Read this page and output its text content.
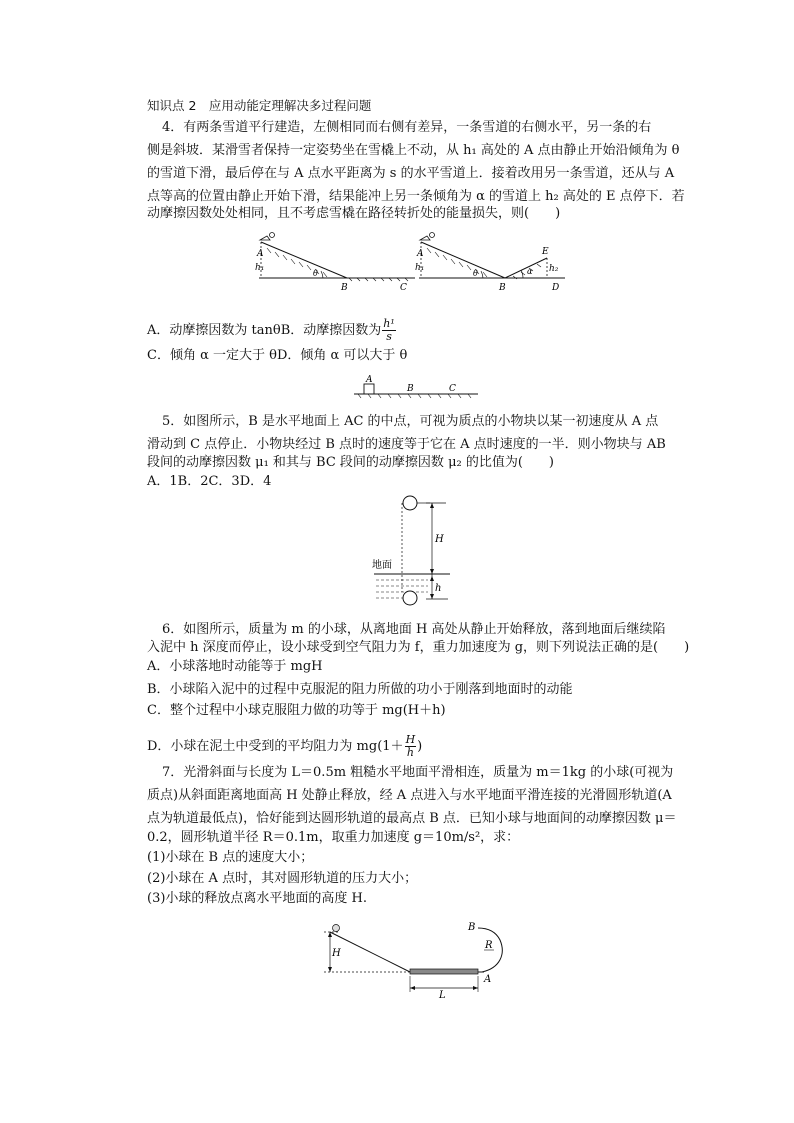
知识点 2　应用动能定理解决多过程问题
4．有两条雪道平行建造，左侧相同而右侧有差异，一条雪道的右侧水平，另一条的右
侧是斜坡．某滑雪者保持一定姿势坐在雪橇上不动，从 h₁ 高处的 A 点由静止开始沿倾角为 θ
的雪道下滑，最后停在与 A 点水平距离为 s 的水平雪道上．接着改用另一条雪道，还从与 A
点等高的位置由静止开始下滑，结果能冲上另一条倾角为 α 的雪道上 h₂ 高处的 E 点停下．若
动摩擦因数处处相同，且不考虑雪橇在路径转折处的能量损失，则(　　)
A
h₁
θ
B	C
A
h₁
θ
B	D
E
α h₂
A．动摩擦因数为 tanθB．动摩擦因数为 $\frac{\text{h¹}}{s}$
C．倾角 α 一定大于 θD．倾角 α 可以大于 θ
A
B	C
5．如图所示，B 是水平地面上 AC 的中点，可视为质点的小物块以某一初速度从 A 点
滑动到 C 点停止．小物块经过 B 点时的速度等于它在 A 点时速度的一半．则小物块与 AB
段间的动摩擦因数 μ₁ 和其与 BC 段间的动摩擦因数 μ₂ 的比值为(　　)
A．1B．2C．3D．4
H
地面
h
6．如图所示，质量为 m 的小球，从离地面 H 高处从静止开始释放，落到地面后继续陷
入泥中 h 深度而停止，设小球受到空气阻力为 f，重力加速度为 g，则下列说法正确的是(　　)
A．小球落地时动能等于 mgH
B．小球陷入泥中的过程中克服泥的阻力所做的功小于刚落到地面时的动能
C．整个过程中小球克服阻力做的功等于 mg(H＋h)
D．小球在泥土中受到的平均阻力为 $mg(1+ \frac{H}{h}$ )
7．光滑斜面与长度为 L＝0.5m 粗糙水平地面平滑相连，质量为 m＝1kg 的小球(可视为
质点)从斜面距离地面高 H 处静止释放，经 A 点进入与水平地面平滑连接的光滑圆形轨道(A
点为轨道最低点)，恰好能到达圆形轨道的最高点 B 点．已知小球与地面间的动摩擦因数 μ＝
0.2，圆形轨道半径 R＝0.1m，取重力加速度 g＝10m/s²，求：
(1)小球在 B 点的速度大小；
(2)小球在 A 点时，其对圆形轨道的压力大小；
(3)小球的释放点离水平地面的高度 H.
H
B
R
A
L
